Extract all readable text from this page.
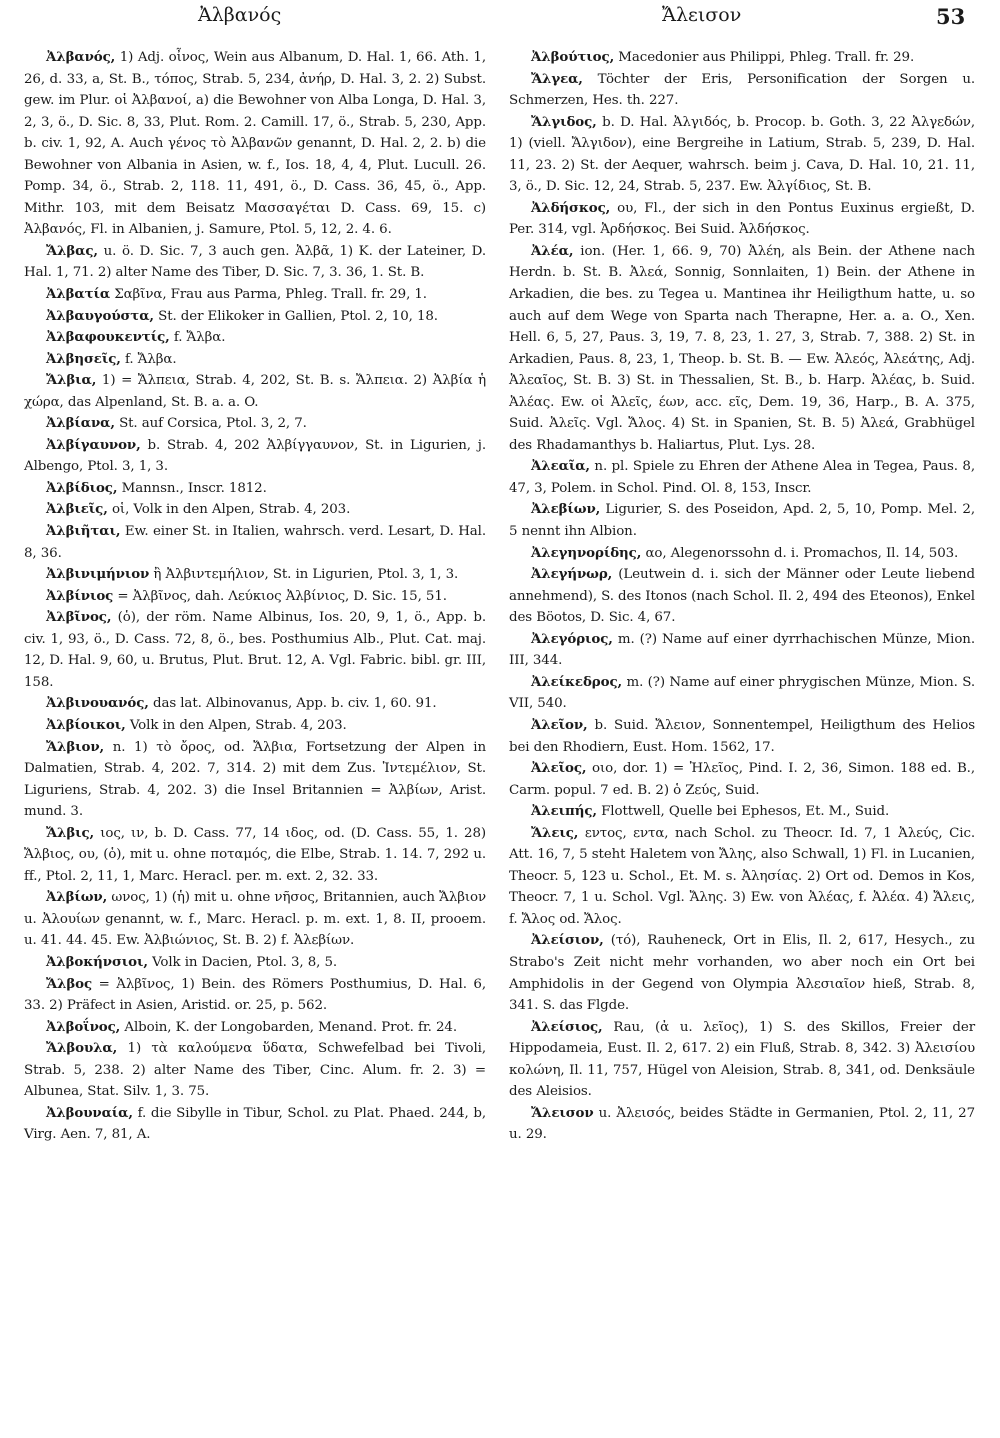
Ἀλβανός	Ἄλεισον	53

Ἀλβανός, 1) Adj. οἶνος, Wein aus Albanum, D. Hal. 1, 66. Ath. 1, 26, d. 33, a, St. B., τόπος, Strab. 5, 234, ἀνήρ, D. Hal. 3, 2. 2) Subst. gew. im Plur. οἱ Ἀλβανοί, a) die Bewohner von Alba Longa, D. Hal. 3, 2, 3, ö., D. Sic. 8, 33, Plut. Rom. 2. Camill. 17, ö., Strab. 5, 230, App. b. civ. 1, 92, A. Auch γένος τὸ Ἀλβανῶν genannt, D. Hal. 2, 2. b) die Bewohner von Albania in Asien, w. f., Ios. 18, 4, 4, Plut. Lucull. 26. Pomp. 34, ö., Strab. 2, 118. 11, 491, ö., D. Cass. 36, 45, ö., App. Mithr. 103, mit dem Beisatz Μασσαγέται D. Cass. 69, 15. c) Ἀλβανός, Fl. in Albanien, j. Samure, Ptol. 5, 12, 2. 4. 6.

Ἄλβας, u. ö. D. Sic. 7, 3 auch gen. Ἀλβᾶ, 1) K. der Lateiner, D. Hal. 1, 71. 2) alter Name des Tiber, D. Sic. 7, 3. 36, 1. St. B.

Ἀλβατία Σαβῖνα, Frau aus Parma, Phleg. Trall. fr. 29, 1.

Ἀλβαυγούστα, St. der Elikoker in Gallien, Ptol. 2, 10, 18.

Ἀλβαφουκεντίς, f. Ἄλβα.

Ἀλβησεῖς, f. Ἄλβα.

Ἄλβια, 1) = Ἄλπεια, Strab. 4, 202, St. B. s. Ἄλπεια. 2) Ἀλβία ἡ χώρα, das Alpenland, St. B. a. a. O.

Ἀλβίανα, St. auf Corsica, Ptol. 3, 2, 7.

Ἀλβίγαυνον, b. Strab. 4, 202 Ἀλβίγγαυνον, St. in Ligurien, j. Albengo, Ptol. 3, 1, 3.

Ἀλβίδιος, Mannsn., Inscr. 1812.

Ἀλβιεῖς, οἱ, Volk in den Alpen, Strab. 4, 203.

Ἀλβιῆται, Ew. einer St. in Italien, wahrsch. verd. Lesart, D. Hal. 8, 36.

Ἀλβινιμήνιον ἢ Ἀλβιντεμήλιον, St. in Ligurien, Ptol. 3, 1, 3.

Ἀλβίνιος = Ἀλβῖνος, dah. Λεύκιος Ἀλβίνιος, D. Sic. 15, 51.

Ἀλβῖνος, (ὁ), der röm. Name Albinus, Ios. 20, 9, 1, ö., App. b. civ. 1, 93, ö., D. Cass. 72, 8, ö., bes. Posthumius Alb., Plut. Cat. maj. 12, D. Hal. 9, 60, u. Brutus, Plut. Brut. 12, A. Vgl. Fabric. bibl. gr. III, 158.

Ἀλβινουανός, das lat. Albinovanus, App. b. civ. 1, 60. 91.

Ἀλβίοικοι, Volk in den Alpen, Strab. 4, 203.

Ἄλβιον, n. 1) τὸ ὄρος, od. Ἄλβια, Fortsetzung der Alpen in Dalmatien, Strab. 4, 202. 7, 314. 2) mit dem Zus. Ἰντεμέλιον, St. Liguriens, Strab. 4, 202. 3) die Insel Britannien = Ἀλβίων, Arist. mund. 3.

Ἄλβις, ιος, ιν, b. D. Cass. 77, 14 ιδος, od. (D. Cass. 55, 1. 28) Ἄλβιος, ου, (ὁ), mit u. ohne ποταμός, die Elbe, Strab. 1. 14. 7, 292 u. ff., Ptol. 2, 11, 1, Marc. Heracl. per. m. ext. 2, 32. 33.

Ἀλβίων, ωνος, 1) (ἡ) mit u. ohne νῆσος, Britannien, auch Ἄλβιον u. Ἀλουίων genannt, w. f., Marc. Heracl. p. m. ext. 1, 8. II, prooem. u. 41. 44. 45. Ew. Ἀλβιώνιος, St. B. 2) f. Ἀλεβίων.

Ἀλβοκήνσιοι, Volk in Dacien, Ptol. 3, 8, 5.

Ἄλβος = Ἀλβῖνος, 1) Bein. des Römers Posthumius, D. Hal. 6, 33. 2) Präfect in Asien, Aristid. or. 25, p. 562.

Ἀλβοΐνος, Alboin, K. der Longobarden, Menand. Prot. fr. 24.

Ἄλβουλα, 1) τὰ καλούμενα ὕδατα, Schwefelbad bei Tivoli, Strab. 5, 238. 2) alter Name des Tiber, Cinc. Alum. fr. 2. 3) = Albunea, Stat. Silv. 1, 3. 75.

Ἀλβουναία, f. die Sibylle in Tibur, Schol. zu Plat. Phaed. 244, b, Virg. Aen. 7, 81, A.

Ἀλβούτιος, Macedonier aus Philippi, Phleg. Trall. fr. 29.

Ἄλγεα, Töchter der Eris, Personification der Sorgen u. Schmerzen, Hes. th. 227.

Ἄλγιδος, b. D. Hal. Ἀλγιδός, b. Procop. b. Goth. 3, 22 Ἀλγεδών, 1) (viell. Ἄλγιδον), eine Bergreihe in Latium, Strab. 5, 239, D. Hal. 11, 23. 2) St. der Aequer, wahrsch. beim j. Cava, D. Hal. 10, 21. 11, 3, ö., D. Sic. 12, 24, Strab. 5, 237. Ew. Ἀλγίδιος, St. B.

Ἀλδήσκος, ου, Fl., der sich in den Pontus Euxinus ergießt, D. Per. 314, vgl. Ἀρδήσκος. Bei Suid. Ἀλδήσκος.

Ἀλέα, ion. (Her. 1, 66. 9, 70) Ἀλέη, als Bein. der Athene nach Herdn. b. St. B. Ἀλεά, Sonnig, Sonnlaiten, 1) Bein. der Athene in Arkadien, die bes. zu Tegea u. Mantinea ihr Heiligthum hatte, u. so auch auf dem Wege von Sparta nach Therapne, Her. a. a. O., Xen. Hell. 6, 5, 27, Paus. 3, 19, 7. 8, 23, 1. 27, 3, Strab. 7, 388. 2) St. in Arkadien, Paus. 8, 23, 1, Theop. b. St. B. — Ew. Ἀλεός, Ἀλεάτης, Adj. Ἀλεαῖος, St. B. 3) St. in Thessalien, St. B., b. Harp. Ἀλέας, b. Suid. Ἀλέας. Ew. οἱ Ἀλεῖς, έων, acc. εῖς, Dem. 19, 36, Harp., B. A. 375, Suid. Ἀλεῖς. Vgl. Ἄλος. 4) St. in Spanien, St. B. 5) Ἀλεά, Grabhügel des Rhadamanthys b. Haliartus, Plut. Lys. 28.

Ἀλεαῖα, n. pl. Spiele zu Ehren der Athene Alea in Tegea, Paus. 8, 47, 3, Polem. in Schol. Pind. Ol. 8, 153, Inscr.

Ἀλεβίων, Ligurier, S. des Poseidon, Apd. 2, 5, 10, Pomp. Mel. 2, 5 nennt ihn Albion.

Ἀλεγηνορίδης, αο, Alegenorssohn d. i. Promachos, Il. 14, 503.

Ἀλεγήνωρ, (Leutwein d. i. sich der Männer oder Leute liebend annehmend), S. des Itonos (nach Schol. Il. 2, 494 des Eteonos), Enkel des Böotos, D. Sic. 4, 67.

Ἀλεγόριος, m. (?) Name auf einer dyrrhachischen Münze, Mion. III, 344.

Ἀλείκεδρος, m. (?) Name auf einer phrygischen Münze, Mion. S. VII, 540.

Ἀλεῖον, b. Suid. Ἄλειον, Sonnentempel, Heiligthum des Helios bei den Rhodiern, Eust. Hom. 1562, 17.

Ἀλεῖος, οιο, dor. 1) = Ἠλεῖος, Pind. I. 2, 36, Simon. 188 ed. B., Carm. popul. 7 ed. B. 2) ὁ Ζεύς, Suid.

Ἀλειπής, Flottwell, Quelle bei Ephesos, Et. M., Suid.

Ἄλεις, εντος, εντα, nach Schol. zu Theocr. Id. 7, 1 Ἀλεύς, Cic. Att. 16, 7, 5 steht Haletem von Ἄλης, also Schwall, 1) Fl. in Lucanien, Theocr. 5, 123 u. Schol., Et. M. s. Ἀλησίας. 2) Ort od. Demos in Kos, Theocr. 7, 1 u. Schol. Vgl. Ἄλης. 3) Ew. von Ἀλέας, f. Ἀλέα. 4) Ἄλεις, f. Ἄλος od. Ἄλος.

Ἀλείσιον, (τό), Rauheneck, Ort in Elis, Il. 2, 617, Hesych., zu Strabo's Zeit nicht mehr vorhanden, wo aber noch ein Ort bei Amphidolis in der Gegend von Olympia Ἀλεσιαῖον hieß, Strab. 8, 341. S. das Flgde.

Ἀλείσιος, Rau, (ἀ u. λεῖος), 1) S. des Skillos, Freier der Hippodameia, Eust. Il. 2, 617. 2) ein Fluß, Strab. 8, 342. 3) Ἀλεισίου κολώνη, Il. 11, 757, Hügel von Aleision, Strab. 8, 341, od. Denksäule des Aleisios.

Ἄλεισον u. Ἀλεισός, beides Städte in Germanien, Ptol. 2, 11, 27 u. 29.
